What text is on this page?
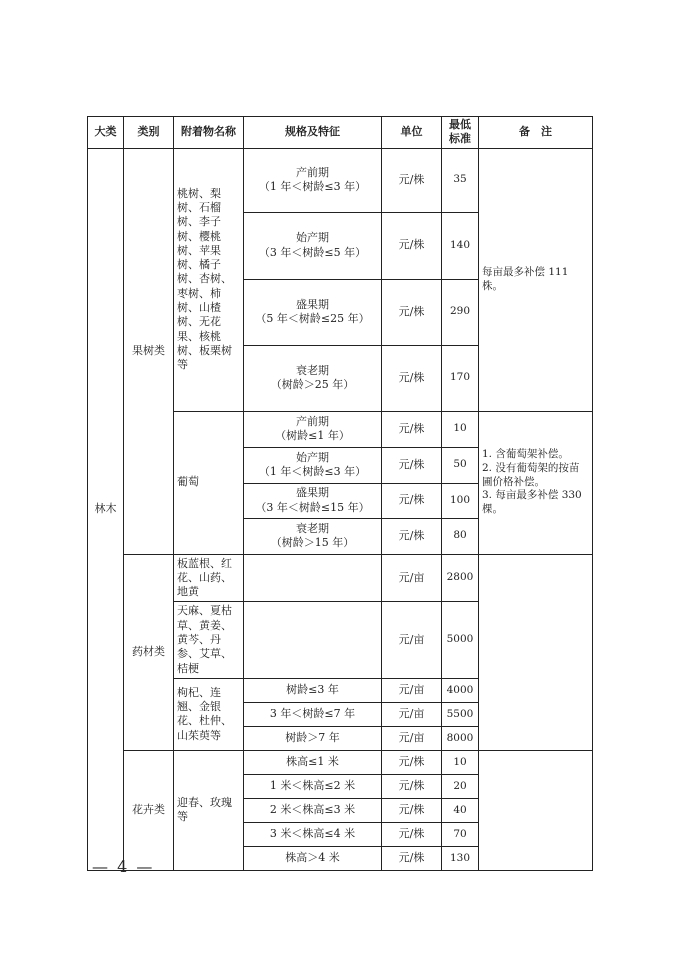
大类	类别	附着物名称	规格及特征	单位	最低
标准	备　注
林木	果树类	桃树、梨树、石榴树、李子树、樱桃树、苹果树、橘子树、杏树、枣树、柿树、山楂树、无花果、核桃树、板栗树等	产前期
（1 年＜树龄≤3 年）	元/株	35	每亩最多补偿 111 株。

			始产期
（3 年＜树龄≤5 年）	元/株	140	

			盛果期
（5 年＜树龄≤25 年）	元/株	290	

			衰老期
（树龄＞25 年）	元/株	170	
		葡萄	产前期
（树龄≤1 年）	元/株	10	1. 含葡萄架补偿。
2. 没有葡萄架的按苗圃价格补偿。
3. 每亩最多补偿 330 棵。

			始产期
（1 年＜树龄≤3 年）	元/株	50	

			盛果期
（3 年＜树龄≤15 年）	元/株	100	

			衰老期
（树龄＞15 年）	元/株	80	
	药材类	板蓝根、红花、山药、地黄		元/亩	2800	
		天麻、夏枯草、黄姜、黄芩、丹参、艾草、桔梗		元/亩	5000	
		枸杞、连翘、金银花、杜仲、山茱萸等	树龄≤3 年	元/亩	4000	
			3 年＜树龄≤7 年	元/亩	5500	
			树龄＞7 年	元/亩	8000	

	花卉类	迎春、玫瑰等	株高≤1 米	元/株	10	
			1 米＜株高≤2 米	元/株	20	
			2 米＜株高≤3 米	元/株	40	
			3 米＜株高≤4 米	元/株	70	
			株高＞4 米	元/株	130	
— 4 —
